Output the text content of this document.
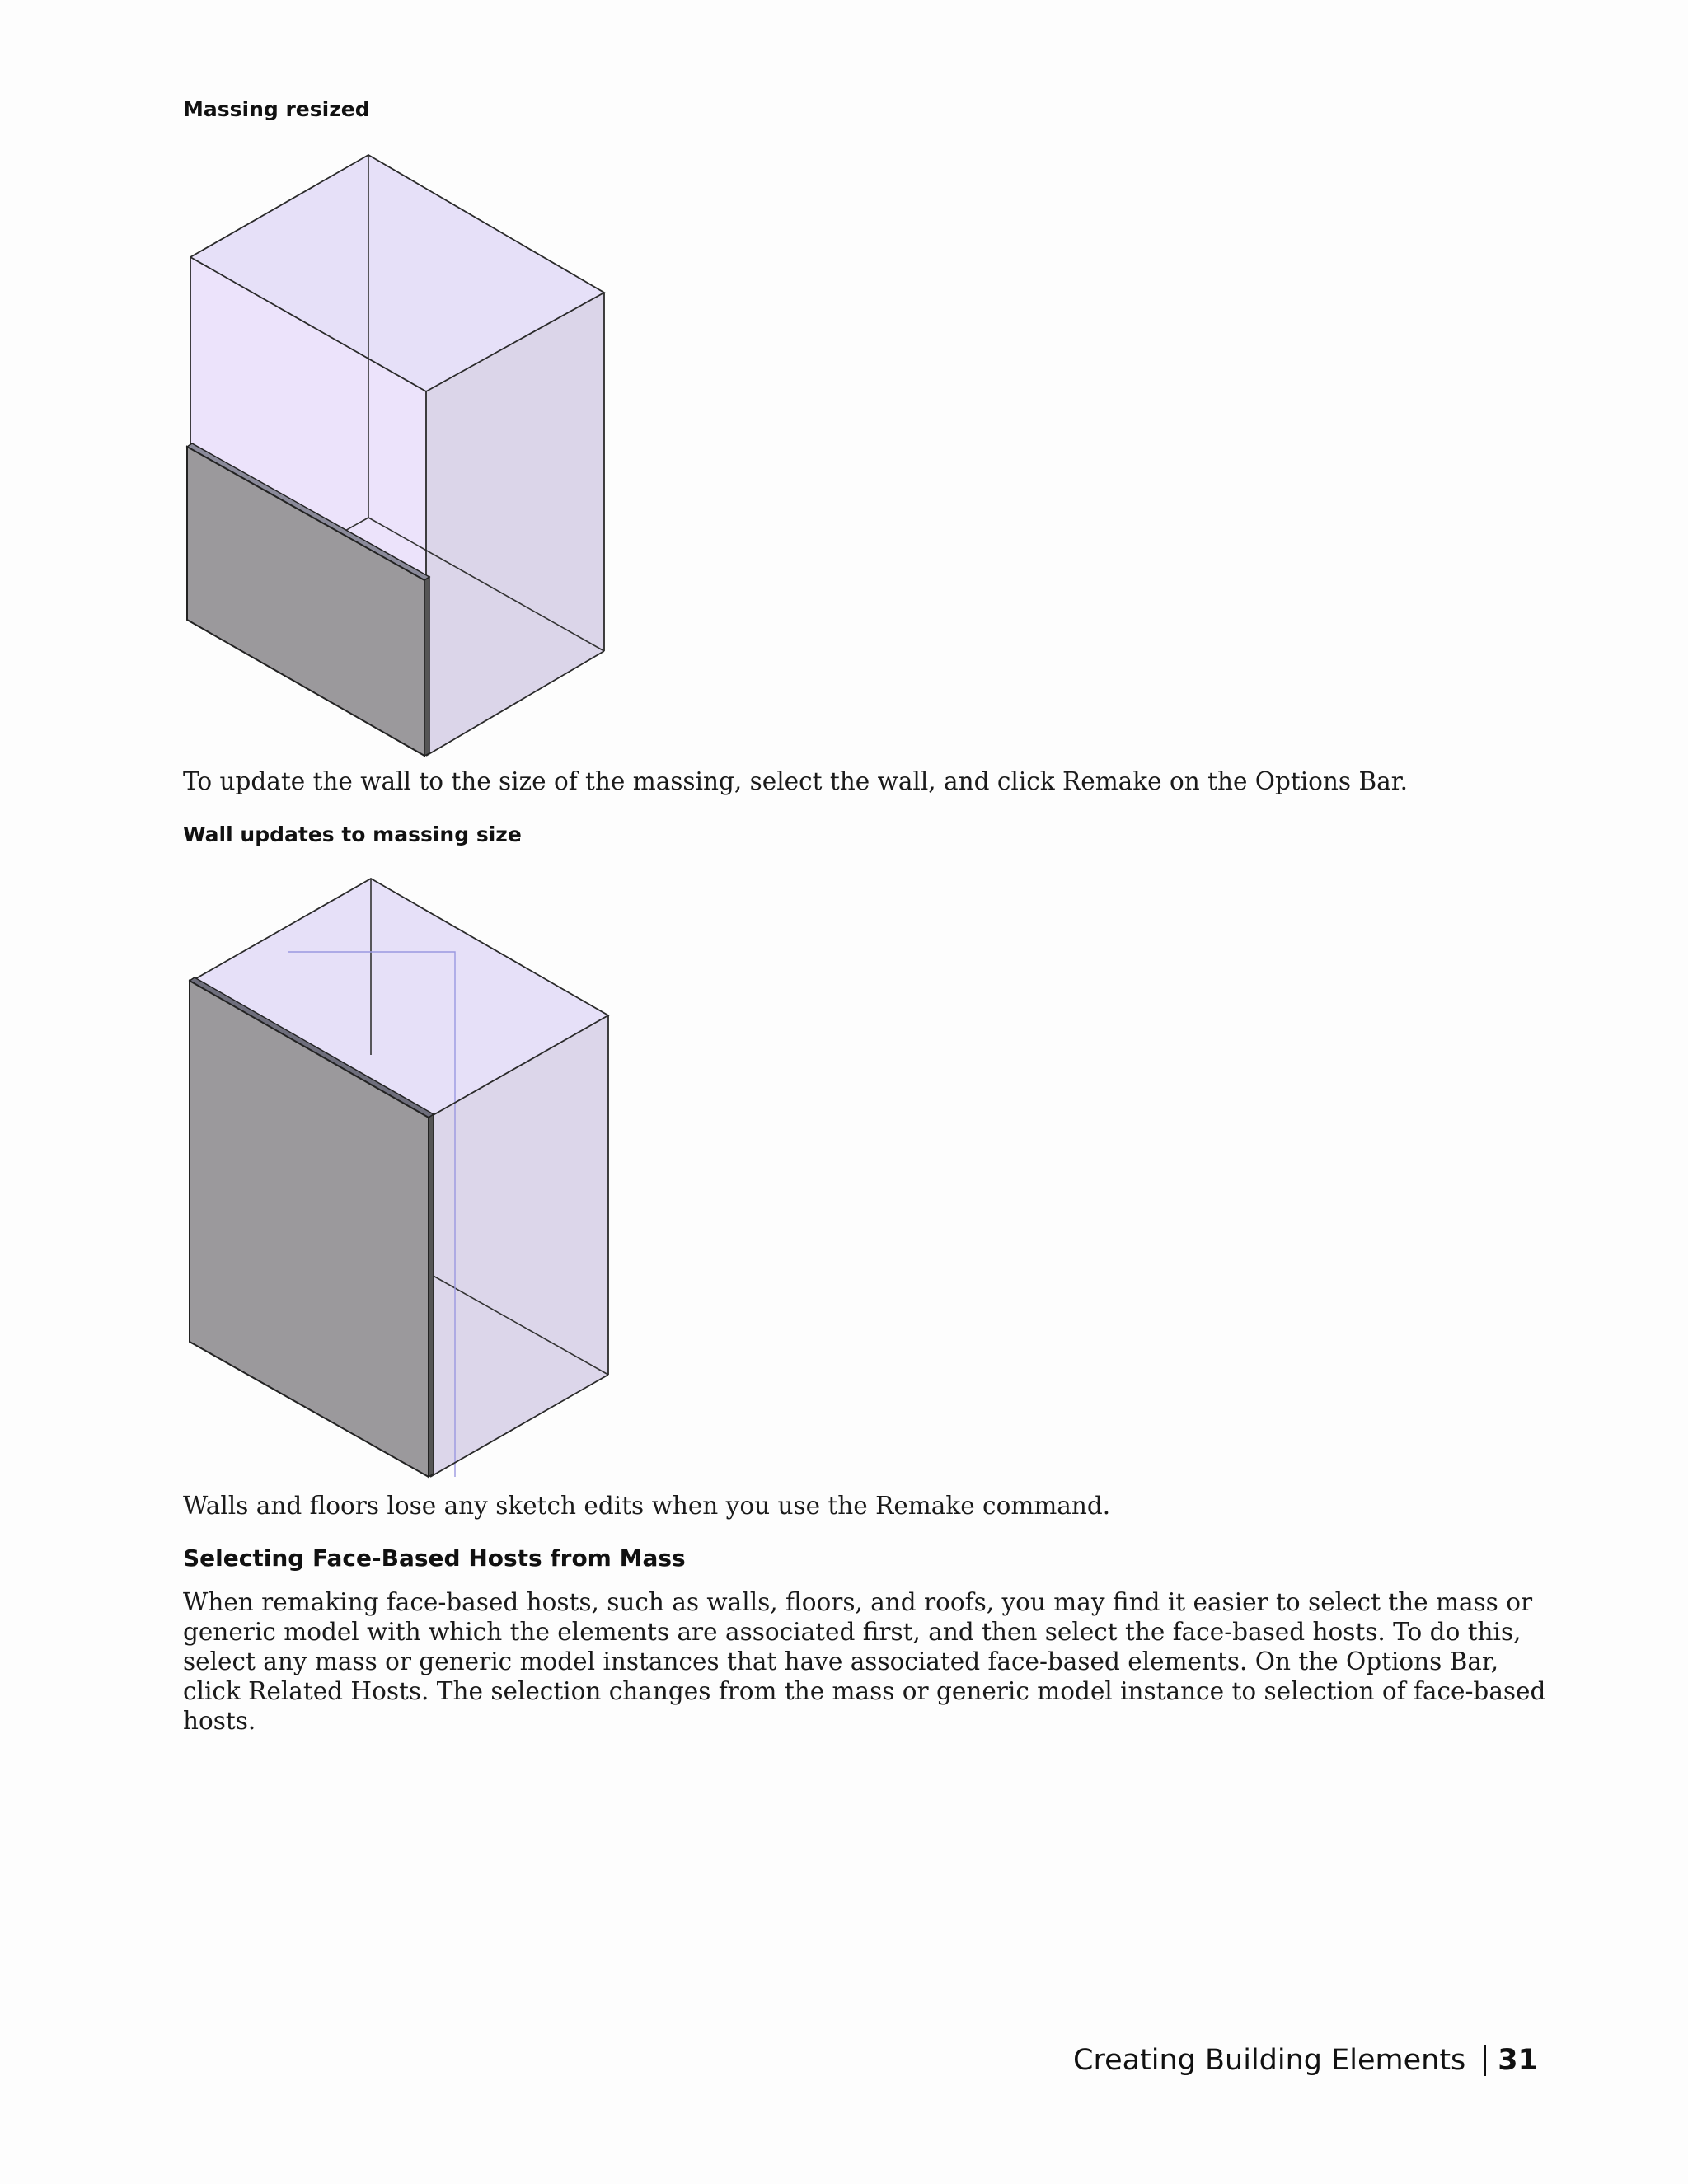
Massing resized
To update the wall to the size of the massing, select the wall, and click Remake on the Options Bar.
Wall updates to massing size
Walls and floors lose any sketch edits when you use the Remake command.
Selecting Face-Based Hosts from Mass
When remaking face-based hosts, such as walls, floors, and roofs, you may find it easier to select the mass or generic model with which the elements are associated first, and then select the face-based hosts. To do this, select any mass or generic model instances that have associated face-based elements. On the Options Bar, click Related Hosts. The selection changes from the mass or generic model instance to selection of face-based hosts.
Creating Building Elements 31
